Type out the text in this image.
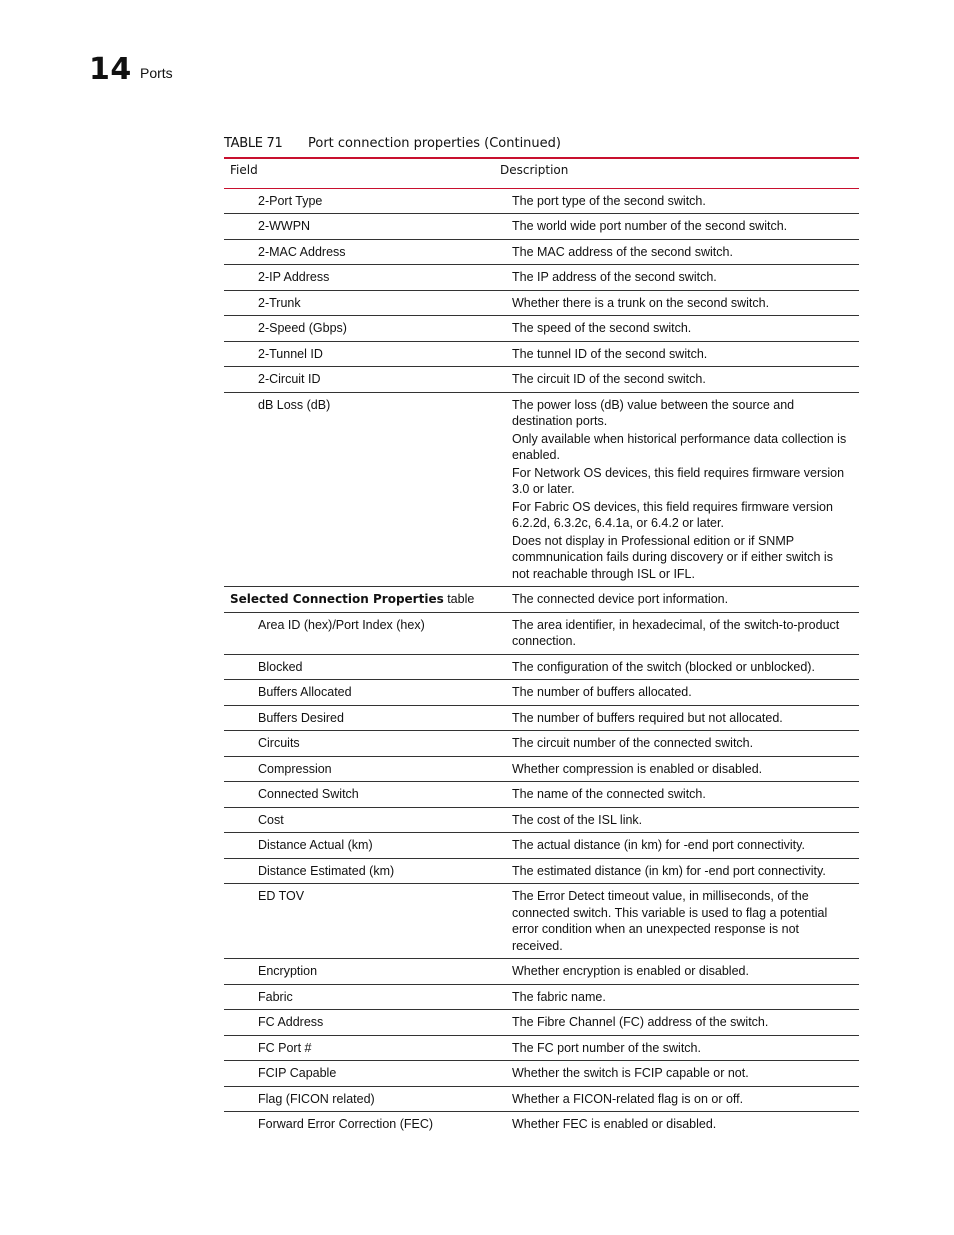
14 Ports
TABLE 71 Port connection properties (Continued)
Field	Description
2-Port Type	The port type of the second switch.

2-WWPN	The world wide port number of the second switch.

2-MAC Address	The MAC address of the second switch.

2-IP Address	The IP address of the second switch.

2-Trunk	Whether there is a trunk on the second switch.

2-Speed (Gbps)	The speed of the second switch.

2-Tunnel ID	The tunnel ID of the second switch.

2-Circuit ID	The circuit ID of the second switch.

dB Loss (dB)	The power loss (dB) value between the source and destination ports.
Only available when historical performance data collection is enabled.
For Network OS devices, this field requires firmware version 3.0 or later.
For Fabric OS devices, this field requires firmware version 6.2.2d, 6.3.2c, 6.4.1a, or 6.4.2 or later.
Does not display in Professional edition or if SNMP commnunication fails during discovery or if either switch is not reachable through ISL or IFL.

Selected Connection Properties table	The connected device port information.

Area ID (hex)/Port Index (hex)	The area identifier, in hexadecimal, of the switch-to-product connection.

Blocked	The configuration of the switch (blocked or unblocked).

Buffers Allocated	The number of buffers allocated.

Buffers Desired	The number of buffers required but not allocated.

Circuits	The circuit number of the connected switch.

Compression	Whether compression is enabled or disabled.

Connected Switch	The name of the connected switch.

Cost	The cost of the ISL link.

Distance Actual (km)	The actual distance (in km) for -end port connectivity.

Distance Estimated (km)	The estimated distance (in km) for -end port connectivity.

ED TOV	The Error Detect timeout value, in milliseconds, of the connected switch. This variable is used to flag a potential error condition when an unexpected response is not received.

Encryption	Whether encryption is enabled or disabled.

Fabric	The fabric name.

FC Address	The Fibre Channel (FC) address of the switch.

FC Port #	The FC port number of the switch.

FCIP Capable	Whether the switch is FCIP capable or not.

Flag (FICON related)	Whether a FICON-related flag is on or off.

Forward Error Correction (FEC)	Whether FEC is enabled or disabled.
